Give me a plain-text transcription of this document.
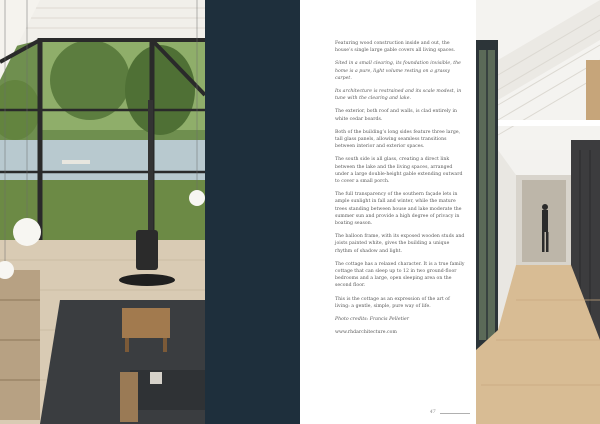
Featuring wood construction inside and out, the house’s single large gable covers all living spaces.

Sited in a small clearing, its foundation invisible, the home is a pure, light volume resting on a grassy carpet.

Its architecture is restrained and its scale modest, in tune with the clearing and lake.

The exterior, both roof and walls, is clad entirely in white cedar boards.

Both of the building’s long sides feature three large, tall glass panels, allowing seamless transitions between interior and exterior spaces.

The south side is all glass, creating a direct link between the lake and the living spaces, arranged under a large double-height gable extending outward to cover a small porch.

The full transparency of the southern façade lets in ample sunlight in fall and winter, while the mature trees standing between house and lake moderate the summer sun and provide a high degree of privacy in boating season.

The balloon frame, with its exposed wooden studs and joists painted white, gives the building a unique rhythm of shadow and light.

The cottage has a relaxed character. It is a true family cottage that can sleep up to 12 in two ground-floor bedrooms and a large, open sleeping area on the second floor.

This is the cottage as an expression of the art of living: a gentle, simple, pure way of life.

Photo credits: Francis Pelletier

www.rhdarchitecture.com

47
